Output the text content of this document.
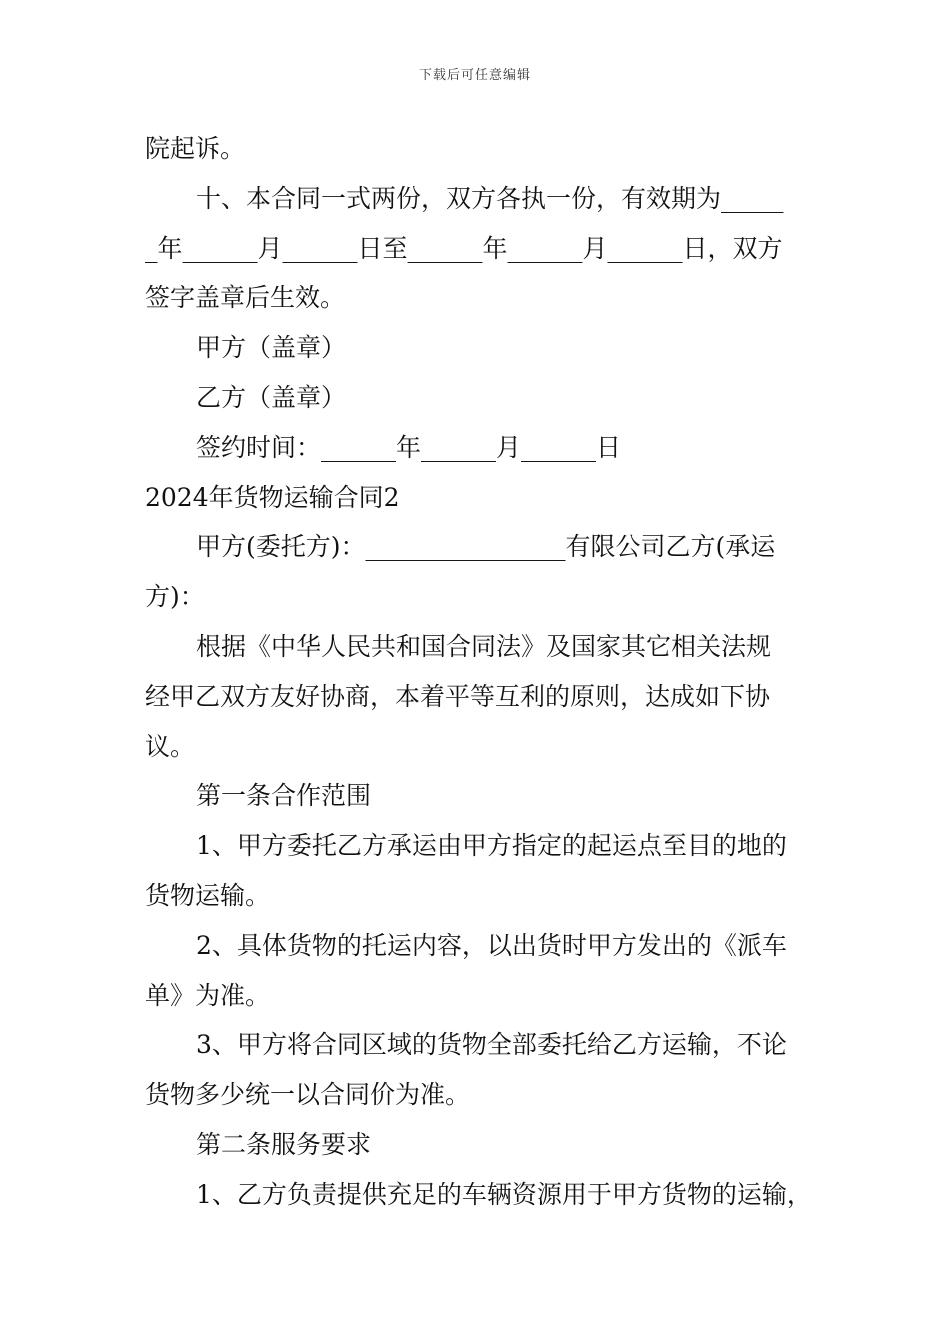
下载后可任意编辑
院起诉。
十、本合同一式两份，双方各执一份，有效期为_____
_年______月______日至______年______月______日，双方
签字盖章后生效。
甲方（盖章）
乙方（盖章）
签约时间：______年______月______日
2024年货物运输合同2
甲方(委托方)：________________有限公司乙方(承运
方)：
根据《中华人民共和国合同法》及国家其它相关法规
经甲乙双方友好协商，本着平等互利的原则，达成如下协
议。
第一条合作范围
1、甲方委托乙方承运由甲方指定的起运点至目的地的
货物运输。
2、具体货物的托运内容，以出货时甲方发出的《派车
单》为准。
3、甲方将合同区域的货物全部委托给乙方运输，不论
货物多少统一以合同价为准。
第二条服务要求
1、乙方负责提供充足的车辆资源用于甲方货物的运输，
